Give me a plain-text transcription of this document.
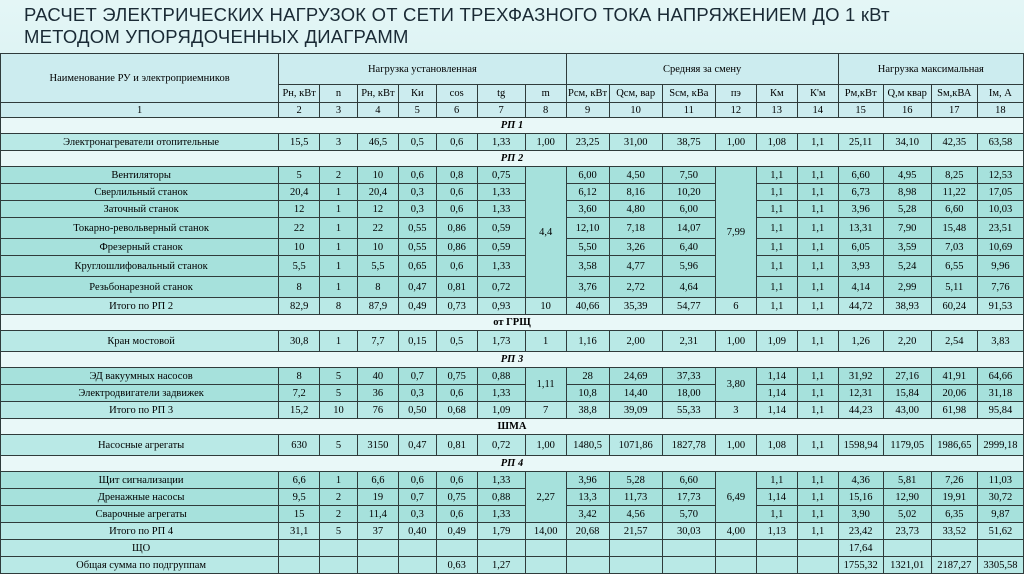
РАСЧЕТ ЭЛЕКТРИЧЕСКИХ НАГРУЗОК ОТ СЕТИ ТРЕХФАЗНОГО ТОКА НАПРЯЖЕНИЕМ ДО 1 кВт
МЕТОДОМ УПОРЯДОЧЕННЫХ ДИАГРАММ
Наименование РУ и электроприемников	Нагрузка установленная							Средняя за смену						Нагрузка максимальная			
	Рн, кВт	n	Рн, кВт	Ки	cos	tg	m	Рсм, кВт	Qсм, вар	Sсм, кВа	пэ	Км	К'м	Рм,кВт	Q,м квар	Sм,кВА	Iм, А
1	2	3	4	5	6	7	8	9	10	11	12	13	14	15	16	17	18
РП 1																	
Электронагреватели отопительные	15,5	3	46,5	0,5	0,6	1,33	1,00	23,25	31,00	38,75	1,00	1,08	1,1	25,11	34,10	42,35	63,58
РП 2																	
Вентиляторы	5	2	10	0,6	0,8	0,75	4,4	6,00	4,50	7,50	7,99	1,1	1,1	6,60	4,95	8,25	12,53
Сверлильный станок	20,4	1	20,4	0,3	0,6	1,33		6,12	8,16	10,20		1,1	1,1	6,73	8,98	11,22	17,05
Заточный станок	12	1	12	0,3	0,6	1,33		3,60	4,80	6,00		1,1	1,1	3,96	5,28	6,60	10,03
Токарно-револьверный станок	22	1	22	0,55	0,86	0,59		12,10	7,18	14,07		1,1	1,1	13,31	7,90	15,48	23,51
Фрезерный станок	10	1	10	0,55	0,86	0,59		5,50	3,26	6,40		1,1	1,1	6,05	3,59	7,03	10,69
Круглошлифовальный станок	5,5	1	5,5	0,65	0,6	1,33		3,58	4,77	5,96		1,1	1,1	3,93	5,24	6,55	9,96
Резьбонарезной станок	8	1	8	0,47	0,81	0,72		3,76	2,72	4,64		1,1	1,1	4,14	2,99	5,11	7,76
Итого по РП 2	82,9	8	87,9	0,49	0,73	0,93	10	40,66	35,39	54,77	6	1,1	1,1	44,72	38,93	60,24	91,53
от ГРЩ																	
Кран мостовой	30,8	1	7,7	0,15	0,5	1,73	1	1,16	2,00	2,31	1,00	1,09	1,1	1,26	2,20	2,54	3,83
РП 3																	
ЭД вакуумных насосов	8	5	40	0,7	0,75	0,88	1,11	28	24,69	37,33	3,80	1,14	1,1	31,92	27,16	41,91	64,66
Электродвигатели задвижек	7,2	5	36	0,3	0,6	1,33		10,8	14,40	18,00		1,14	1,1	12,31	15,84	20,06	31,18
Итого по РП 3	15,2	10	76	0,50	0,68	1,09	7	38,8	39,09	55,33	3	1,14	1,1	44,23	43,00	61,98	95,84
ШМА																	
Насосные агрегаты	630	5	3150	0,47	0,81	0,72	1,00	1480,5	1071,86	1827,78	1,00	1,08	1,1	1598,94	1179,05	1986,65	2999,18
РП 4																	
Щит сигнализации	6,6	1	6,6	0,6	0,6	1,33	2,27	3,96	5,28	6,60	6,49	1,1	1,1	4,36	5,81	7,26	11,03
Дренажные насосы	9,5	2	19	0,7	0,75	0,88		13,3	11,73	17,73		1,14	1,1	15,16	12,90	19,91	30,72
Сварочные агрегаты	15	2	11,4	0,3	0,6	1,33		3,42	4,56	5,70		1,1	1,1	3,90	5,02	6,35	9,87
Итого по РП 4	31,1	5	37	0,40	0,49	1,79	14,00	20,68	21,57	30,03	4,00	1,13	1,1	23,42	23,73	33,52	51,62
ЩО														17,64			
Общая сумма по подгруппам					0,63	1,27								1755,32	1321,01	2187,27	3305,58
